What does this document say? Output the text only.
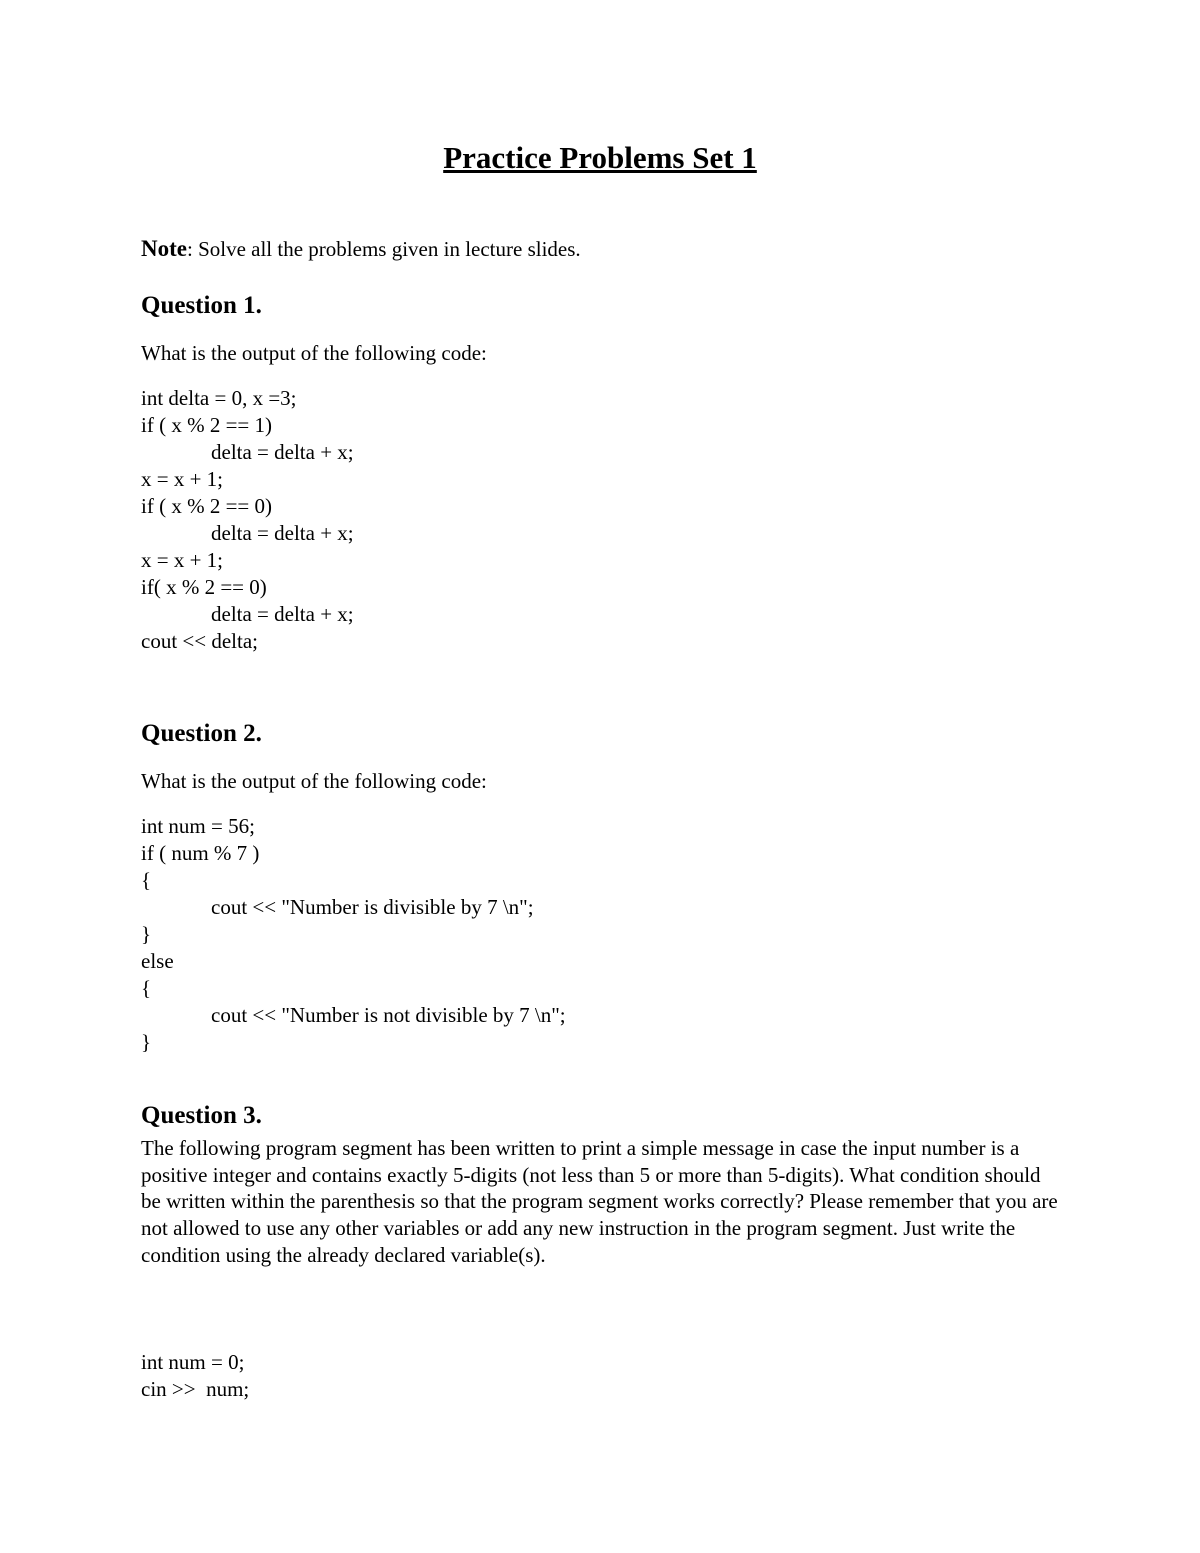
Practice Problems Set 1
Note: Solve all the problems given in lecture slides.
Question 1.
What is the output of the following code:
int delta = 0, x =3;
if ( x % 2 == 1)
delta = delta + x;
x = x + 1;
if ( x % 2 == 0)
delta = delta + x;
x = x + 1;
if( x % 2 == 0)
delta = delta + x;
cout << delta;
Question 2.
What is the output of the following code:
int num = 56;
if ( num % 7 )
{
cout << "Number is divisible by 7 \n";
}
else
{
cout << "Number is not divisible by 7 \n";
}
Question 3.
The following program segment has been written to print a simple message in case the input number is a positive integer and contains exactly 5-digits (not less than 5 or more than 5-digits). What condition should be written within the parenthesis so that the program segment works correctly? Please remember that you are not allowed to use any other variables or add any new instruction in the program segment. Just write the condition using the already declared variable(s).
int num = 0;
cin >>  num;
